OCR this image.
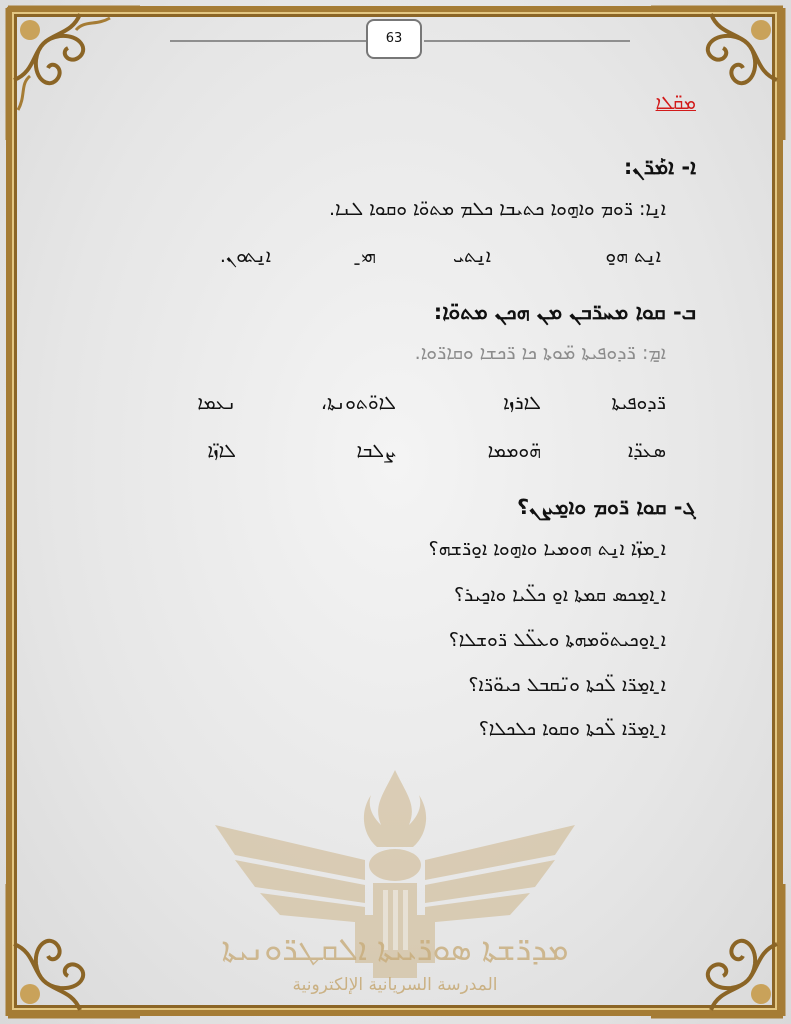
63
ܡܩ̈ܠܐ
ܐ- ܐܡܰܪ̈ܢ:
ܐ̱ܢܐ: ܪ̈ܘܡ ܘܐ̱ܗܘܐ ܟܬܝܒܐ ܟܠܡ ܡܬܘ̈ܐ ܘܩܘܐ ܠܢܐ.
ܐ̱ܢܬ ܗ̱ܘ
ܐ̱ܢܬܝ
ܗ̱ܝ
ܐ̱ܢܬܘܢ.
ܒ- ܩܘܐ ܡܚܪ̈ܒܢ ܡܢ ܗܟܢ ܡܬܘ̈ܐ:
ܐ̱ܡ: ܪ̈ܕܘܦܝܬܐ ܡ̈ܘܬܐ ܟܐ ܪ̈ܟܫܐ ܘܩܐܪ̈ܘܐ.
ܪ̈ܕܘܦܝܬܐ
ܠܐܪܙܐ
ܠܐܘ̈ܬܘܢܬܐ،
ܢܥܡܐ
ܣܥܕ̈ܐ
ܗ̈ܘܡܡܐ
ܨܠܒܐ
ܠܐܙ̈ܐ
ܓ- ܩܘܐ ܪ̈ܘܡ ܘܐ̱ܡܨܢ؟
ܐ̱ ܡܙ̈ܐ ܐ̱ܢܬ ܗܘܡܝܐ ܘܐ̱ܗܘܐ ܐ̱ܘܪ̈ܫܗ؟
ܐ̱ ܐ̱ܡܟܣ ܩܡܬܐ ܐ̱ܘ ܟܠ̈ܝܐ ܘܐ̱ܟܝܪ؟
ܐ̱ ܐ̱ܘܟܝܬܘ̈ܡܗܬܐ ܘܥܠ̈ܠ ܪ̈ܘܫܠܐ؟
ܐ̱ ܐ̱ܡܪ̈ܐ ܠ̈ܟܬܐ ܘܢ̈ܩܒܠ ܟܝܘ̈ܪ̈ܐ؟
ܐ̱ ܐ̱ܡܪ̈ܐ ܠ̈ܟܬܐ ܘܩܘܐ ܟܠܟܠܐ؟
ܡܕܪ̈ܫܬܐ ܣܘܪ̈ܝܝܬܐ ܐܠܩܛܪ̈ܘܢܝܬܐ
المدرسة السريانية الإلكترونية
